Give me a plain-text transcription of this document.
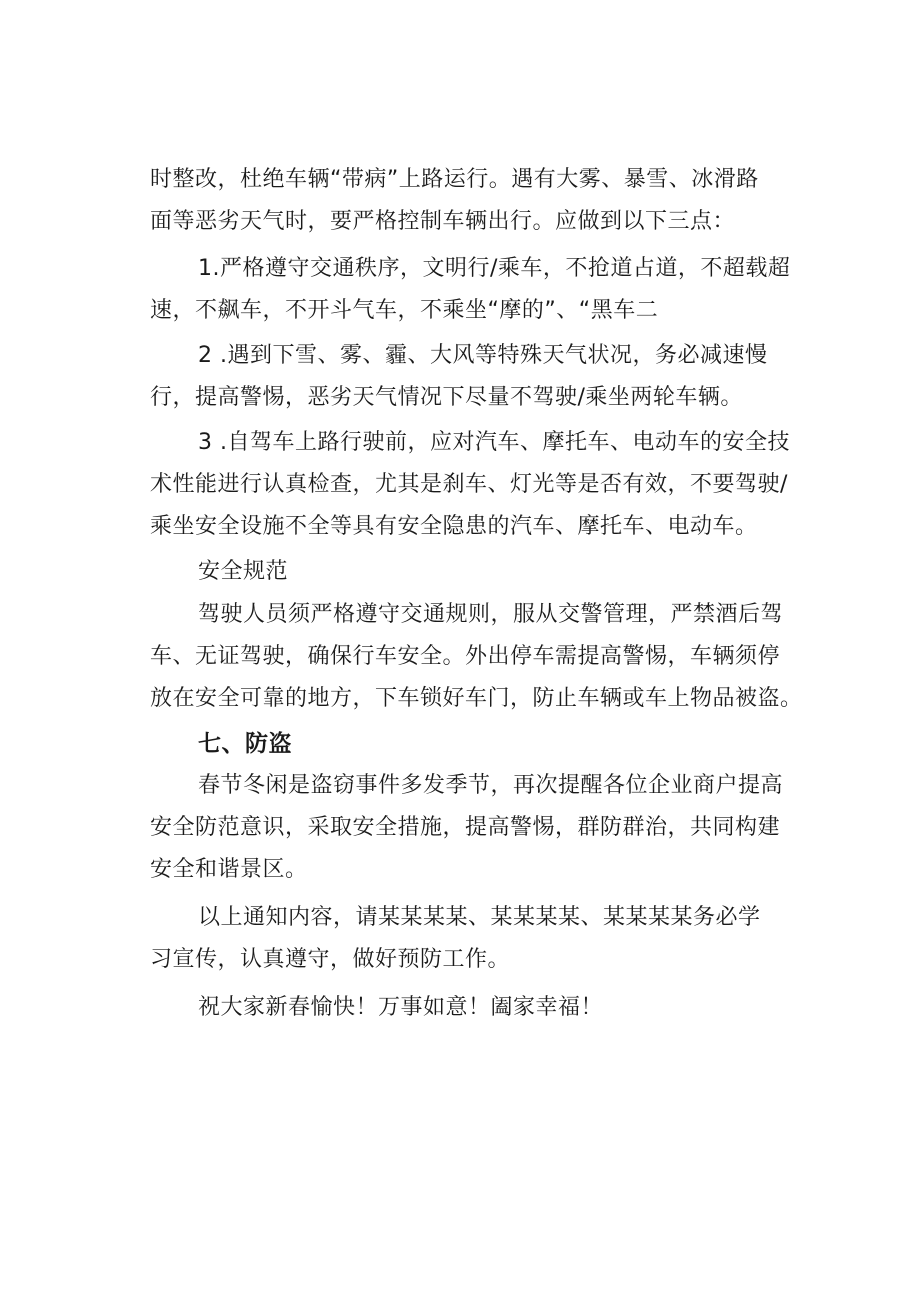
时整改，杜绝车辆“带病”上路运行。遇有大雾、暴雪、冰滑路
面等恶劣天气时，要严格控制车辆出行。应做到以下三点：

1.严格遵守交通秩序，文明行/乘车，不抢道占道，不超载超
速，不飙车，不开斗气车，不乘坐“摩的”、“黑车二

2 .遇到下雪、雾、霾、大风等特殊天气状况，务必减速慢
行，提高警惕，恶劣天气情况下尽量不驾驶/乘坐两轮车辆。

3 .自驾车上路行驶前，应对汽车、摩托车、电动车的安全技
术性能进行认真检查，尤其是刹车、灯光等是否有效，不要驾驶/
乘坐安全设施不全等具有安全隐患的汽车、摩托车、电动车。

安全规范

驾驶人员须严格遵守交通规则，服从交警管理，严禁酒后驾
车、无证驾驶，确保行车安全。外出停车需提高警惕，车辆须停
放在安全可靠的地方，下车锁好车门，防止车辆或车上物品被盗。

七、防盗

春节冬闲是盗窃事件多发季节，再次提醒各位企业商户提高
安全防范意识，采取安全措施，提高警惕，群防群治，共同构建
安全和谐景区。

以上通知内容，请某某某某、某某某某、某某某某务必学
习宣传，认真遵守，做好预防工作。

祝大家新春愉快！万事如意！阖家幸福！
